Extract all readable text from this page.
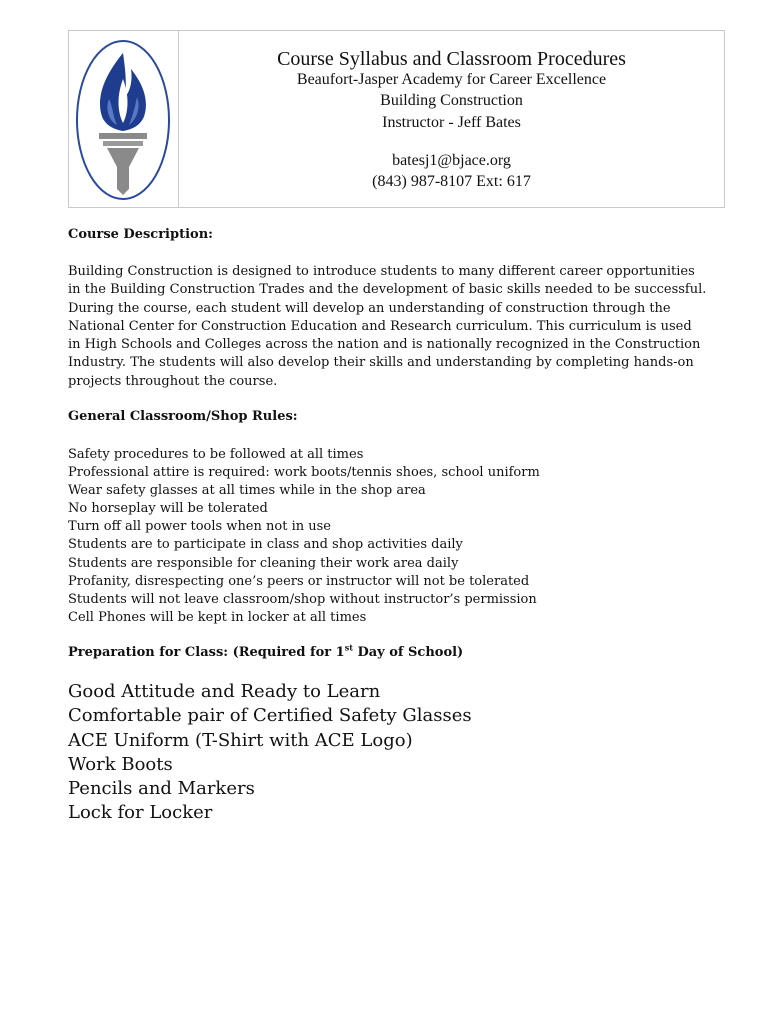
Course Syllabus and Classroom Procedures
Beaufort-Jasper Academy for Career Excellence
Building Construction
Instructor - Jeff Bates
batesj1@bjace.org
(843) 987-8107 Ext: 617
Course Description:
Building Construction is designed to introduce students to many different career opportunities in the Building Construction Trades and the development of basic skills needed to be successful. During the course, each student will develop an understanding of construction through the National Center for Construction Education and Research curriculum. This curriculum is used in High Schools and Colleges across the nation and is nationally recognized in the Construction Industry. The students will also develop their skills and understanding by completing hands-on projects throughout the course.
General Classroom/Shop Rules:
Safety procedures to be followed at all times
Professional attire is required: work boots/tennis shoes, school uniform
Wear safety glasses at all times while in the shop area
No horseplay will be tolerated
Turn off all power tools when not in use
Students are to participate in class and shop activities daily
Students are responsible for cleaning their work area daily
Profanity, disrespecting one’s peers or instructor will not be tolerated
Students will not leave classroom/shop without instructor’s permission
Cell Phones will be kept in locker at all times
Preparation for Class: (Required for 1st Day of School)
Good Attitude and Ready to Learn
Comfortable pair of Certified Safety Glasses
ACE Uniform (T-Shirt with ACE Logo)
Work Boots
Pencils and Markers
Lock for Locker
